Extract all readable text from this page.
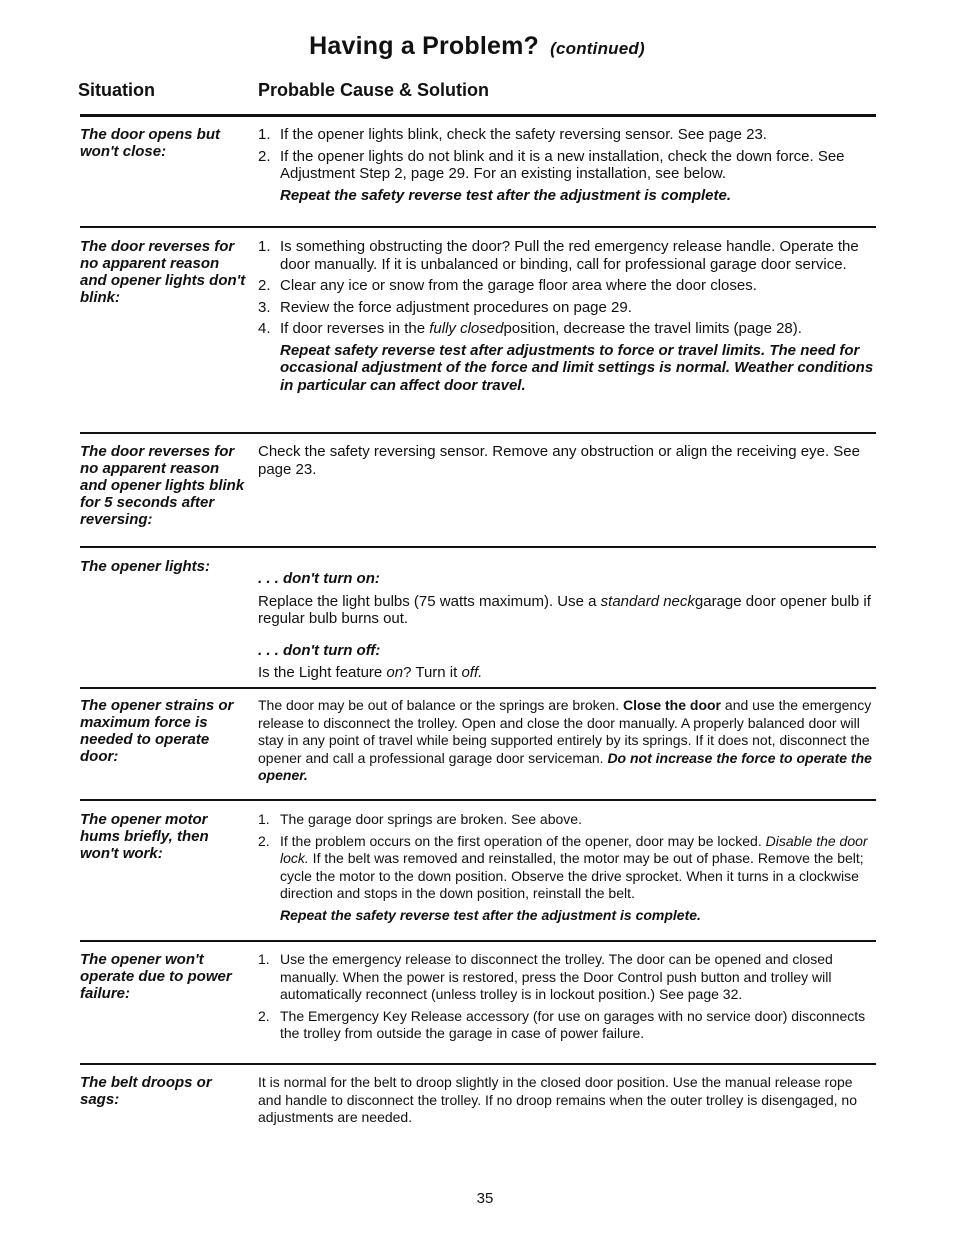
Having a Problem? (continued)
Situation	Probable Cause & Solution
The door opens but won't close:
1. If the opener lights blink, check the safety reversing sensor. See page 23.
2. If the opener lights do not blink and it is a new installation, check the down force. See Adjustment Step 2, page 29. For an existing installation, see below.
Repeat the safety reverse test after the adjustment is complete.
The door reverses for no apparent reason and opener lights don't blink:
1. Is something obstructing the door? Pull the red emergency release handle. Operate the door manually. If it is unbalanced or binding, call for professional garage door service.
2. Clear any ice or snow from the garage floor area where the door closes.
3. Review the force adjustment procedures on page 29.
4. If door reverses in the fully closedposition, decrease the travel limits (page 28).
Repeat safety reverse test after adjustments to force or travel limits. The need for occasional adjustment of the force and limit settings is normal. Weather conditions in particular can affect door travel.
The door reverses for no apparent reason and opener lights blink for 5 seconds after reversing:
Check the safety reversing sensor. Remove any obstruction or align the receiving eye. See page 23.
The opener lights:
. . . don't turn on:
Replace the light bulbs (75 watts maximum). Use a standard neckgarage door opener bulb if regular bulb burns out.
. . . don't turn off:
Is the Light feature on? Turn it off.
The opener strains or maximum force is needed to operate door:
The door may be out of balance or the springs are broken. Close the door and use the emergency release to disconnect the trolley. Open and close the door manually. A properly balanced door will stay in any point of travel while being supported entirely by its springs. If it does not, disconnect the opener and call a professional garage door serviceman. Do not increase the force to operate the opener.
The opener motor hums briefly, then won't work:
1. The garage door springs are broken. See above.
2. If the problem occurs on the first operation of the opener, door may be locked. Disable the door lock. If the belt was removed and reinstalled, the motor may be out of phase. Remove the belt; cycle the motor to the down position. Observe the drive sprocket. When it turns in a clockwise direction and stops in the down position, reinstall the belt.
Repeat the safety reverse test after the adjustment is complete.
The opener won't operate due to power failure:
1. Use the emergency release to disconnect the trolley. The door can be opened and closed manually. When the power is restored, press the Door Control push button and trolley will automatically reconnect (unless trolley is in lockout position.) See page 32.
2. The Emergency Key Release accessory (for use on garages with no service door) disconnects the trolley from outside the garage in case of power failure.
The belt droops or sags:
It is normal for the belt to droop slightly in the closed door position. Use the manual release rope and handle to disconnect the trolley. If no droop remains when the outer trolley is disengaged, no adjustments are needed.
35
